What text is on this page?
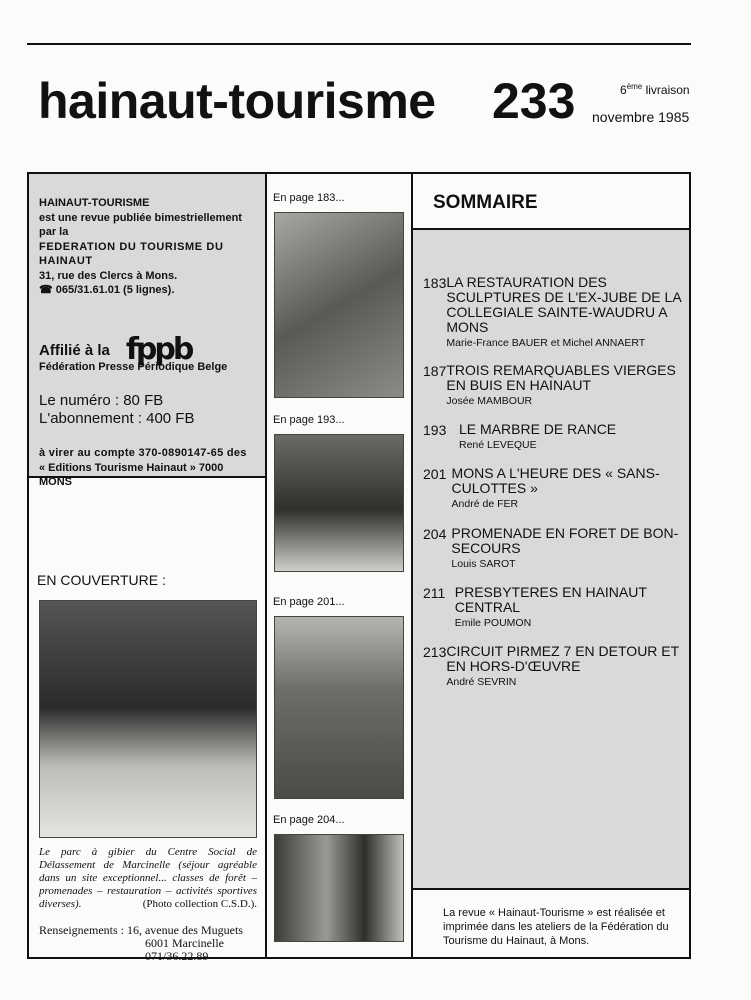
hainaut-tourisme 233	6ème livraison
novembre 1985
HAINAUT-TOURISME
est une revue publiée bimestriellement par la
FEDERATION DU TOURISME DU HAINAUT
31, rue des Clercs à Mons.
☎ 065/31.61.01 (5 lignes).
Affilié à la fppb
Fédération Presse Périodique Belge
Le numéro : 80 FB
L'abonnement : 400 FB
à virer au compte 370-0890147-65 des
« Editions Tourisme Hainaut » 7000 MONS
EN COUVERTURE :
Le parc à gibier du Centre Social de Délassement de Marcinelle (séjour agréable dans un site exceptionnel... classes de forêt – promenades – restauration – activités sportives diverses).	(Photo collection C.S.D.).
Renseignements : 16, avenue des Muguets
6001 Marcinelle
071/36.22.89
En page 183...
En page 193...
En page 201...
En page 204...
SOMMAIRE
183 LA RESTAURATION DES SCULPTURES DE L'EX-JUBE DE LA COLLEGIALE SAINTE-WAUDRU A MONS
Marie-France BAUER et Michel ANNAERT
187 TROIS REMARQUABLES VIERGES EN BUIS EN HAINAUT
Josée MAMBOUR
193 LE MARBRE DE RANCE
René LEVEQUE
201 MONS A L'HEURE DES « SANS-CULOTTES »
André de FER
204 PROMENADE EN FORET DE BON-SECOURS
Louis SAROT
211 PRESBYTERES EN HAINAUT CENTRAL
Emile POUMON
213 CIRCUIT PIRMEZ 7 EN DETOUR ET EN HORS-D'ŒUVRE
André SEVRIN
La revue « Hainaut-Tourisme » est réalisée et imprimée dans les ateliers de la Fédération du Tourisme du Hainaut, à Mons.
